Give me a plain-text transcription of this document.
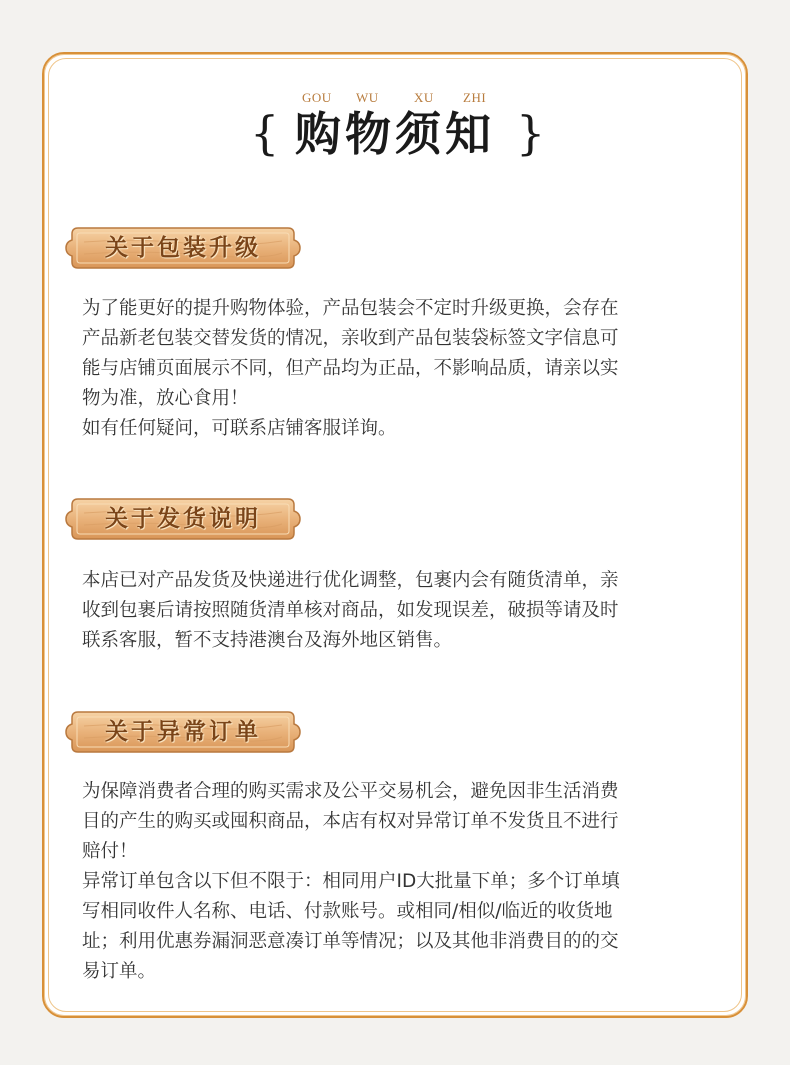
GOU WU	XU ZHI
{ 购物须知 }
关于包装升级

为了能更好的提升购物体验，产品包装会不定时升级更换，会存在

产品新老包装交替发货的情况，亲收到产品包装袋标签文字信息可

能与店铺页面展示不同，但产品均为正品，不影响品质，请亲以实

物为准，放心食用！

如有任何疑问，可联系店铺客服详询。

关于发货说明

本店已对产品发货及快递进行优化调整，包裹内会有随货清单，亲

收到包裹后请按照随货清单核对商品，如发现误差，破损等请及时

联系客服，暂不支持港澳台及海外地区销售。

关于异常订单

为保障消费者合理的购买需求及公平交易机会，避免因非生活消费

目的产生的购买或囤积商品，本店有权对异常订单不发货且不进行

赔付！

异常订单包含以下但不限于：相同用户ID大批量下单；多个订单填

写相同收件人名称、电话、付款账号。或相同/相似/临近的收货地

址；利用优惠券漏洞恶意凑订单等情况；以及其他非消费目的的交

易订单。
